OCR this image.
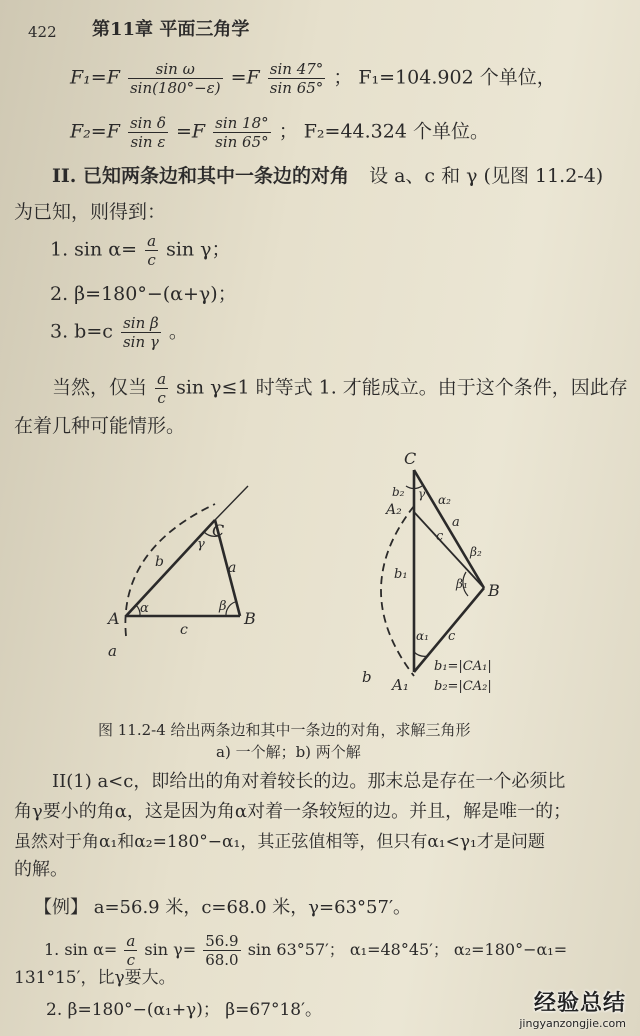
422 第11章 平面三角学
$F_1=F \frac{\text{sin ω}}{\sin(180^\circ-\varepsilon)} =F \frac{\sin 47^\circ}{\sin 65^\circ}$ ； F₁=104.902 个单位，
$F_2=F \frac{\text{sin δ}}{\text{sin ε}} =F \frac{\sin 18^\circ}{\sin 65^\circ}$ ； F₂=44.324 个单位。
II. 已知两条边和其中一条边的对角 设 a、c 和 γ (见图 11.2-4)
为已知，则得到：
1. $\sin \alpha= \frac{a}{c}$ sin γ；
2. β=180°−(α+γ)；
3. $b=c \frac{\text{sin β}}{\text{sin γ}}$ 。
当然，仅当 $\frac{a}{c}$ sin γ≤1 时等式 1. 才能成立。由于这个条件，因此存
在着几种可能情形。
A	B
C
α	β
γ
b	a
c
a
C
A₂
b₂ γ α₂
a
c
β₂
b₁
β₁ B
α₁ c
A₁
b
b₁=|CA₁|
b₂=|CA₂|
图 11.2-4 给出两条边和其中一条边的对角，求解三角形
a) 一个解；b) 两个解
II(1) a<c，即给出的角对着较长的边。那末总是存在一个必须比
角γ要小的角α，这是因为角α对着一条较短的边。并且，解是唯一的；
虽然对于角α₁和α₂=180°−α₁，其正弦值相等，但只有α₁<γ₁才是问题
的解。
【例】 a=56.9 米，c=68.0 米，γ=63°57′。
1. $\sin \alpha= \frac{a}{c}$ $\sin \gamma= \frac{56.9}{68.0}$ sin 63°57′； α₁=48°45′； α₂=180°−α₁=
131°15′，比γ要大。
2. β=180°−(α₁+γ)； β=67°18′。	经验总结
jingyanzongjie.com
